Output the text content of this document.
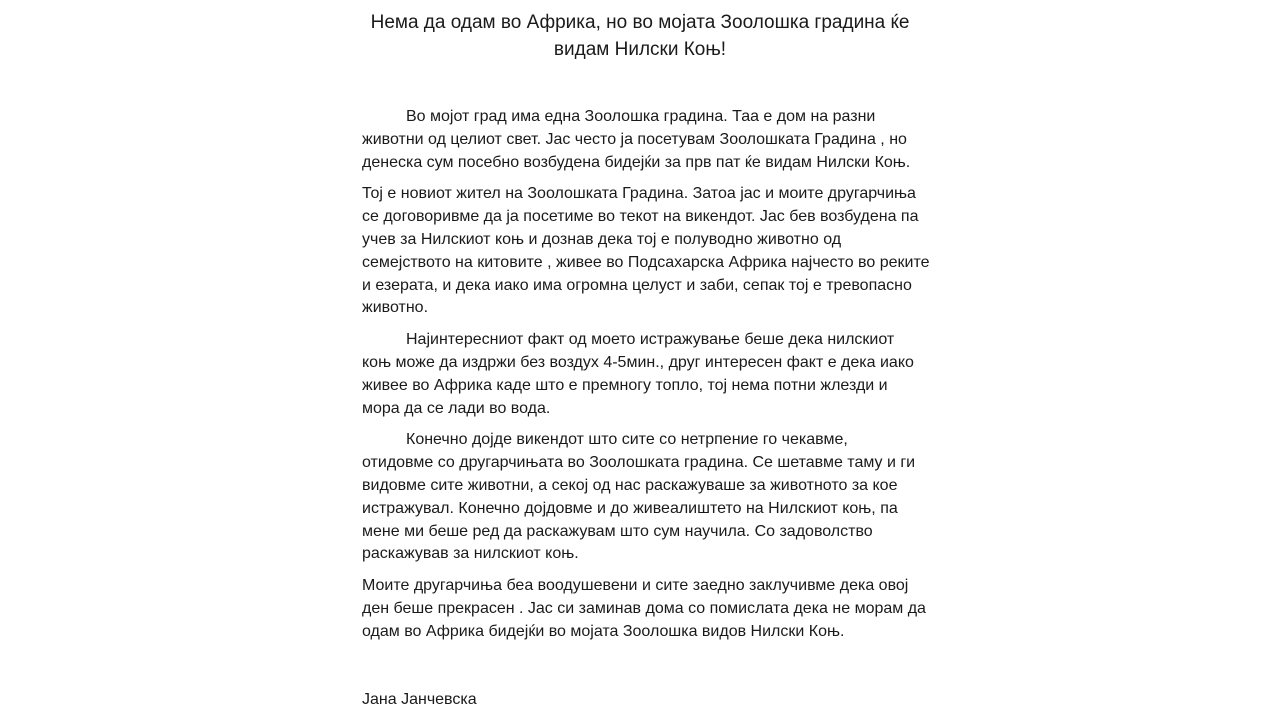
Нема да одам во Африка, но во мојата Зоолошка градина ќе
видам Нилски Коњ!

Во мојот град има една Зоолошка градина. Таа е дом на разни
животни од целиот свет. Јас често ја посетувам Зоолошката Градина , но
денеска сум посебно возбудена бидејќи за прв пат ќе видам Нилски Коњ.

Тој е новиот жител на Зоолошката Градина. Затоа јас и моите другарчиња
се договоривме да ја посетиме во текот на викендот. Јас бев возбудена па
учев за Нилскиот коњ и дознав дека тој е полуводно животно од
семејството на китовите , живее во Подсахарска Африка најчесто во реките
и езерата, и дека иако има огромна целуст и заби, сепак тој е тревопасно
животно.

Најинтересниот факт од моето истражување беше дека нилскиот
коњ може да издржи без воздух 4-5мин., друг интересен факт е дека иако
живее во Африка каде што е премногу топло, тој нема потни жлезди и
мора да се лади во вода.

Конечно дојде викендот што сите со нетрпение го чекавме,
отидовме со другарчињата во Зоолошката градина. Се шетавме таму и ги
видовме сите животни, а секој од нас раскажуваше за животното за кое
истражувал. Конечно дојдовме и до живеалиштето на Нилскиот коњ, па
мене ми беше ред да раскажувам што сум научила. Со задоволство
раскажував за нилскиот коњ.

Моите другарчиња беа воодушевени и сите заедно заклучивме дека овој
ден беше прекрасен . Јас си заминав дома со помислата дека не морам да
одам во Африка бидејќи во мојата Зоолошка видов Нилски Коњ.

Јана Јанчевска
